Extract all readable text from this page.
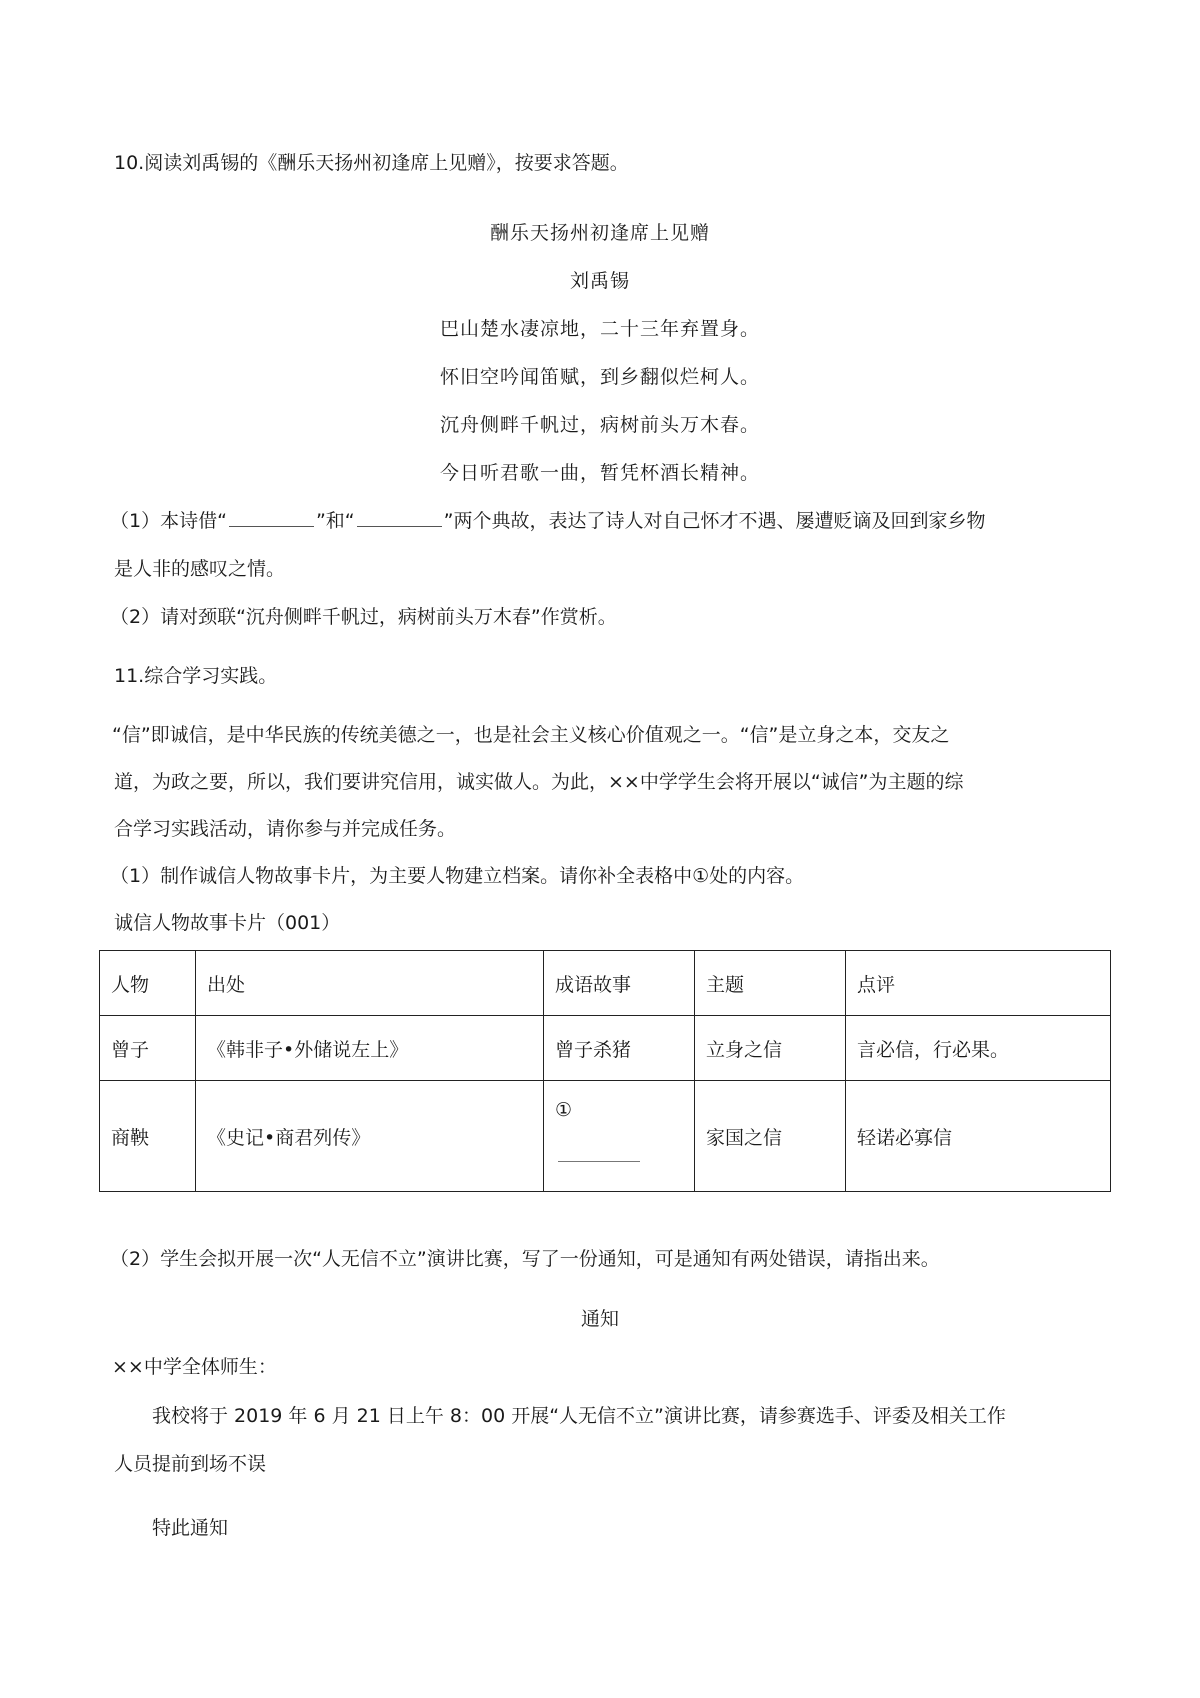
10.阅读刘禹锡的《酬乐天扬州初逢席上见赠》，按要求答题。
酬乐天扬州初逢席上见赠
刘禹锡
巴山楚水凄凉地，二十三年弃置身。
怀旧空吟闻笛赋，到乡翻似烂柯人。
沉舟侧畔千帆过，病树前头万木春。
今日听君歌一曲，暂凭杯酒长精神。
（1）本诗借“	”和“	”两个典故，表达了诗人对自己怀才不遇、屡遭贬谪及回到家乡物
是人非的感叹之情。
（2）请对颈联“沉舟侧畔千帆过，病树前头万木春”作赏析。
11.综合学习实践。
“信”即诚信，是中华民族的传统美德之一，也是社会主义核心价值观之一。“信”是立身之本，交友之
道，为政之要，所以，我们要讲究信用，诚实做人。为此，××中学学生会将开展以“诚信”为主题的综
合学习实践活动，请你参与并完成任务。
（1）制作诚信人物故事卡片，为主要人物建立档案。请你补全表格中①处的内容。
诚信人物故事卡片（001）
人物	出处	成语故事	主题	点评
曾子	《韩非子•外储说左上》	曾子杀猪	立身之信	言必信，行必果。
商鞅	《史记•商君列传》	①	家国之信	轻诺必寡信
（2）学生会拟开展一次“人无信不立”演讲比赛，写了一份通知，可是通知有两处错误，请指出来。
通知
××中学全体师生：
我校将于 2019 年 6 月 21 日上午 8：00 开展“人无信不立”演讲比赛，请参赛选手、评委及相关工作
人员提前到场不误
特此通知
